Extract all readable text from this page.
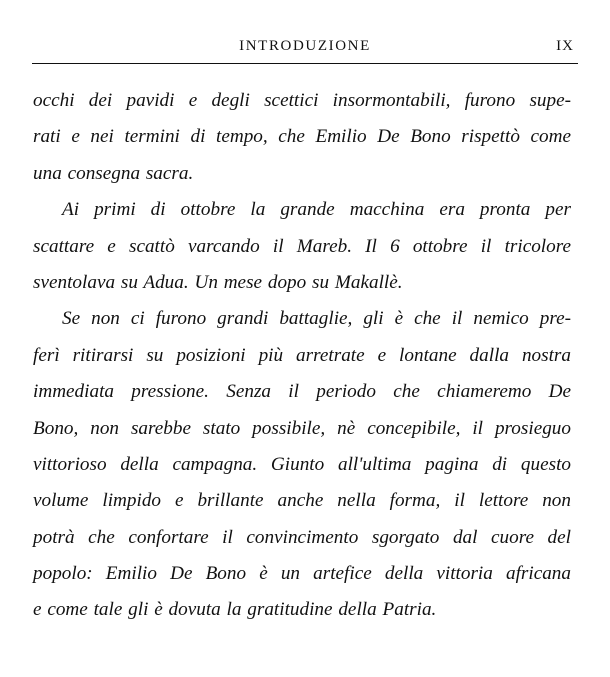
INTRODUZIONE	IX
occhi dei pavidi e degli scettici insormontabili, furono supe-
rati e nei termini di tempo, che Emilio De Bono rispettò come
una consegna sacra.
Ai primi di ottobre la grande macchina era pronta per
scattare e scattò varcando il Mareb. Il 6 ottobre il tricolore
sventolava su Adua. Un mese dopo su Makallè.
Se non ci furono grandi battaglie, gli è che il nemico pre-
ferì ritirarsi su posizioni più arretrate e lontane dalla nostra
immediata pressione. Senza il periodo che chiameremo De
Bono, non sarebbe stato possibile, nè concepibile, il prosieguo
vittorioso della campagna. Giunto all'ultima pagina di questo
volume limpido e brillante anche nella forma, il lettore non
potrà che confortare il convincimento sgorgato dal cuore del
popolo: Emilio De Bono è un artefice della vittoria africana
e come tale gli è dovuta la gratitudine della Patria.
